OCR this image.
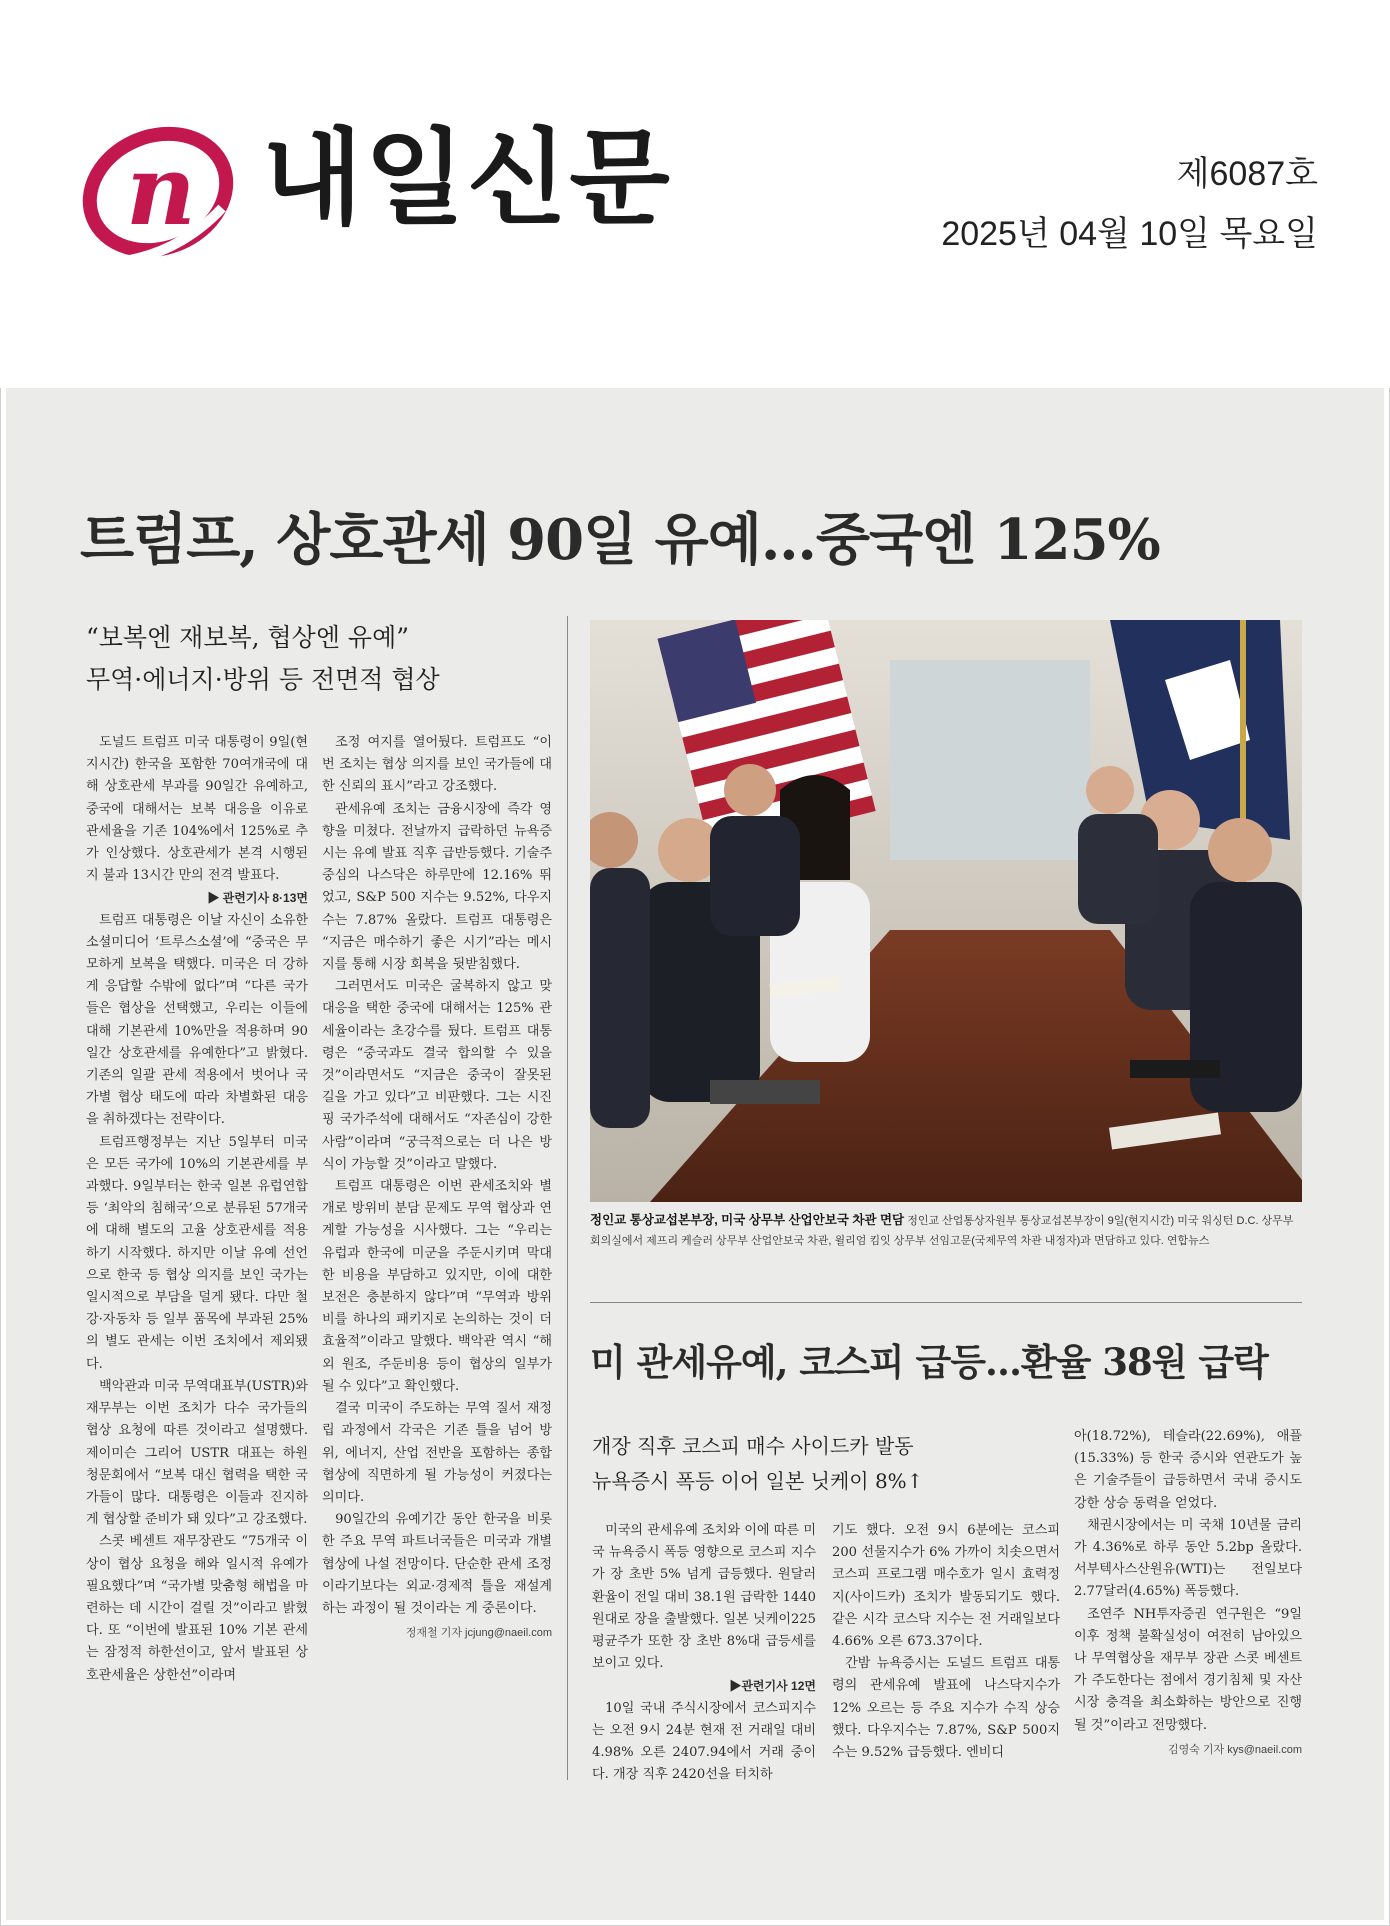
n 내일신문	제6087호
2025년 04월 10일 목요일
트럼프, 상호관세 90일 유예…중국엔 125%
“보복엔 재보복, 협상엔 유예”
무역·에너지·방위 등 전면적 협상

도널드 트럼프 미국 대통령이 9일(현지시간) 한국을 포함한 70여개국에 대해 상호관세 부과를 90일간 유예하고, 중국에 대해서는 보복 대응을 이유로 관세율을 기존 104%에서 125%로 추가 인상했다. 상호관세가 본격 시행된 지 불과 13시간 만의 전격 발표다.

▶ 관련기사 8·13면

트럼프 대통령은 이날 자신이 소유한 소셜미디어 ‘트루스소셜’에 “중국은 무모하게 보복을 택했다. 미국은 더 강하게 응답할 수밖에 없다”며 “다른 국가들은 협상을 선택했고, 우리는 이들에 대해 기본관세 10%만을 적용하며 90일간 상호관세를 유예한다”고 밝혔다. 기존의 일괄 관세 적용에서 벗어나 국가별 협상 태도에 따라 차별화된 대응을 취하겠다는 전략이다.

트럼프행정부는 지난 5일부터 미국은 모든 국가에 10%의 기본관세를 부과했다. 9일부터는 한국 일본 유럽연합 등 ‘최악의 침해국’으로 분류된 57개국에 대해 별도의 고율 상호관세를 적용하기 시작했다. 하지만 이날 유예 선언으로 한국 등 협상 의지를 보인 국가는 일시적으로 부담을 덜게 됐다. 다만 철강·자동차 등 일부 품목에 부과된 25%의 별도 관세는 이번 조치에서 제외됐다.

백악관과 미국 무역대표부(USTR)와 재무부는 이번 조치가 다수 국가들의 협상 요청에 따른 것이라고 설명했다. 제이미슨 그리어 USTR 대표는 하원 청문회에서 “보복 대신 협력을 택한 국가들이 많다. 대통령은 이들과 진지하게 협상할 준비가 돼 있다”고 강조했다.

스콧 베센트 재무장관도 “75개국 이상이 협상 요청을 해와 일시적 유예가 필요했다”며 “국가별 맞춤형 해법을 마련하는 데 시간이 걸릴 것”이라고 밝혔다. 또 “이번에 발표된 10% 기본 관세는 잠정적 하한선이고, 앞서 발표된 상호관세율은 상한선”이라며

조정 여지를 열어뒀다. 트럼프도 “이번 조치는 협상 의지를 보인 국가들에 대한 신뢰의 표시”라고 강조했다.

관세유예 조치는 금융시장에 즉각 영향을 미쳤다. 전날까지 급락하던 뉴욕증시는 유예 발표 직후 급반등했다. 기술주 중심의 나스닥은 하루만에 12.16% 뛰었고, S&P 500 지수는 9.52%, 다우지수는 7.87% 올랐다. 트럼프 대통령은 “지금은 매수하기 좋은 시기”라는 메시지를 통해 시장 회복을 뒷받침했다.

그러면서도 미국은 굴복하지 않고 맞대응을 택한 중국에 대해서는 125% 관세율이라는 초강수를 뒀다. 트럼프 대통령은 “중국과도 결국 합의할 수 있을 것”이라면서도 “지금은 중국이 잘못된 길을 가고 있다”고 비판했다. 그는 시진핑 국가주석에 대해서도 “자존심이 강한 사람”이라며 “궁극적으로는 더 나은 방식이 가능할 것”이라고 말했다.

트럼프 대통령은 이번 관세조치와 별개로 방위비 분담 문제도 무역 협상과 연계할 가능성을 시사했다. 그는 “우리는 유럽과 한국에 미군을 주둔시키며 막대한 비용을 부담하고 있지만, 이에 대한 보전은 충분하지 않다”며 “무역과 방위비를 하나의 패키지로 논의하는 것이 더 효율적”이라고 말했다. 백악관 역시 “해외 원조, 주둔비용 등이 협상의 일부가 될 수 있다”고 확인했다.

결국 미국이 주도하는 무역 질서 재정립 과정에서 각국은 기존 틀을 넘어 방위, 에너지, 산업 전반을 포함하는 종합 협상에 직면하게 될 가능성이 커졌다는 의미다.

90일간의 유예기간 동안 한국을 비롯한 주요 무역 파트너국들은 미국과 개별 협상에 나설 전망이다. 단순한 관세 조정이라기보다는 외교·경제적 틀을 재설계하는 과정이 될 것이라는 게 중론이다.

정재철 기자 jcjung@naeil.com
정인교 통상교섭본부장, 미국 상무부 산업안보국 차관 면담 정인교 산업통상자원부 통상교섭본부장이 9일(현지시간) 미국 워싱턴 D.C. 상무부 회의실에서 제프리 케슬러 상무부 산업안보국 차관, 윌리엄 킴잇 상무부 선임고문(국제무역 차관 내정자)과 면담하고 있다. 연합뉴스
미 관세유예, 코스피 급등…환율 38원 급락
개장 직후 코스피 매수 사이드카 발동
뉴욕증시 폭등 이어 일본 닛케이 8%↑

미국의 관세유예 조치와 이에 따른 미국 뉴욕증시 폭등 영향으로 코스피 지수가 장 초반 5% 넘게 급등했다. 원달러 환율이 전일 대비 38.1원 급락한 1440원대로 장을 출발했다. 일본 닛케이225평균주가 또한 장 초반 8%대 급등세를 보이고 있다.

▶관련기사 12면

10일 국내 주식시장에서 코스피지수는 오전 9시 24분 현재 전 거래일 대비 4.98% 오른 2407.94에서 거래 중이다. 개장 직후 2420선을 터치하

기도 했다. 오전 9시 6분에는 코스피 200 선물지수가 6% 가까이 치솟으면서 코스피 프로그램 매수호가 일시 효력정지(사이드카) 조치가 발동되기도 했다. 같은 시각 코스닥 지수는 전 거래일보다 4.66% 오른 673.37이다.

간밤 뉴욕증시는 도널드 트럼프 대통령의 관세유예 발표에 나스닥지수가 12% 오르는 등 주요 지수가 수직 상승했다. 다우지수는 7.87%, S&P 500지수는 9.52% 급등했다. 엔비디

아(18.72%), 테슬라(22.69%), 애플(15.33%) 등 한국 증시와 연관도가 높은 기술주들이 급등하면서 국내 증시도 강한 상승 동력을 얻었다.

채권시장에서는 미 국채 10년물 금리가 4.36%로 하루 동안 5.2bp 올랐다. 서부텍사스산원유(WTI)는 전일보다 2.77달러(4.65%) 폭등했다.

조연주 NH투자증권 연구원은 “9일 이후 정책 불확실성이 여전히 남아있으나 무역협상을 재무부 장관 스콧 베센트가 주도한다는 점에서 경기침체 및 자산시장 충격을 최소화하는 방안으로 진행될 것”이라고 전망했다.

김영숙 기자 kys@naeil.com
